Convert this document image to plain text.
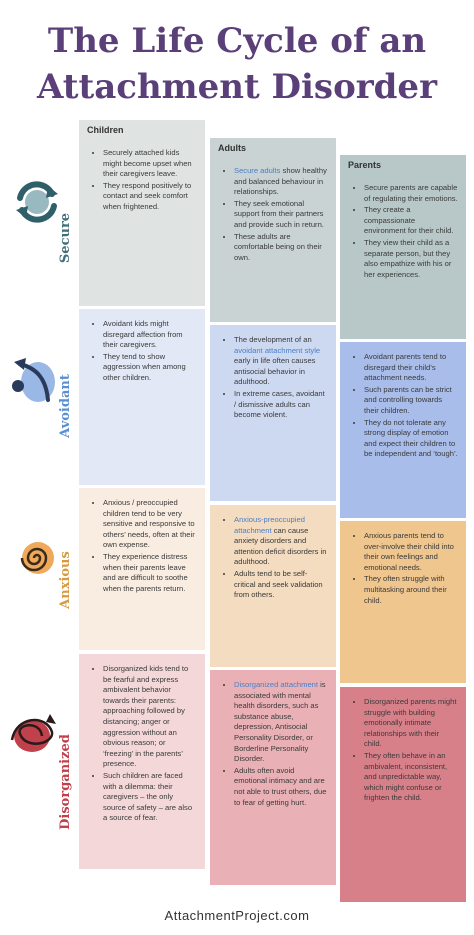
The Life Cycle of an
Attachment Disorder
Children
Adults
Parents
• Securely attached kids might become upset when their caregivers leave.
• They respond positively to contact and seek comfort when frightened.
• Secure adults show healthy and balanced behaviour in relationships.
• They seek emotional support from their partners and provide such in return.
• These adults are comfortable being on their own.
• Secure parents are capable of regulating their emotions.
• They create a compassionate environment for their child.
• They view their child as a separate person, but they also empathize with his or her experiences.
• Avoidant kids might disregard affection from their caregivers.
• They tend to show aggression when among other children.
• The development of an avoidant attachment style early in life often causes antisocial behavior in adulthood.
• In extreme cases, avoidant / dismissive adults can become violent.
• Avoidant parents tend to disregard their child’s attachment needs.
• Such parents can be strict and controlling towards their children.
• They do not tolerate any strong display of emotion and expect their children to be independent and ‘tough’.
• Anxious / preoccupied children tend to be very sensitive and responsive to others’ needs, often at their own expense.
• They experience distress when their parents leave and are difficult to soothe when the parents return.
• Anxious-preoccupied attachment can cause anxiety disorders and attention deficit disorders in adulthood.
• Adults tend to be self-critical and seek validation from others.
• Anxious parents tend to over-involve their child into their own feelings and emotional needs.
• They often struggle with multitasking around their child.
• Disorganized kids tend to be fearful and express ambivalent behavior towards their parents: approaching followed by distancing; anger or aggression without an obvious reason; or ‘freezing’ in the parents’ presence.
• Such children are faced with a dilemma: their caregivers – the only source of safety – are also a source of fear.
• Disorganized attachment is associated with mental health disorders, such as substance abuse, depression, Antisocial Personality Disorder, or Borderline Personality Disorder.
• Adults often avoid emotional intimacy and are not able to trust others, due to fear of getting hurt.
• Disorganized parents might struggle with building emotionally intimate relationships with their child.
• They often behave in an ambivalent, inconsistent, and unpredictable way, which might confuse or frighten the child.
Secure
Avoidant
Anxious
Disorganized
AttachmentProject.com
